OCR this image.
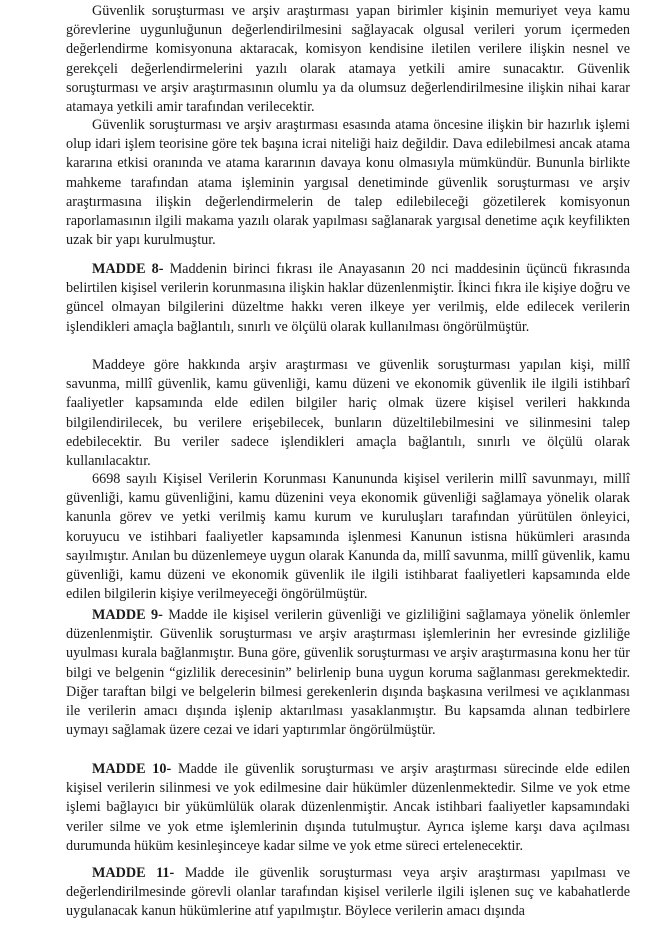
Güvenlik soruşturması ve arşiv araştırması yapan birimler kişinin memuriyet veya kamu görevlerine uygunluğunun değerlendirilmesini sağlayacak olgusal verileri yorum içermeden değerlendirme komisyonuna aktaracak, komisyon kendisine iletilen verilere ilişkin nesnel ve gerekçeli değerlendirmelerini yazılı olarak atamaya yetkili amire sunacaktır. Güvenlik soruşturması ve arşiv araştırmasının olumlu ya da olumsuz değerlendirilmesine ilişkin nihai karar atamaya yetkili amir tarafından verilecektir.

Güvenlik soruşturması ve arşiv araştırması esasında atama öncesine ilişkin bir hazırlık işlemi olup idari işlem teorisine göre tek başına icrai niteliği haiz değildir. Dava edilebilmesi ancak atama kararına etkisi oranında ve atama kararının davaya konu olmasıyla mümkündür. Bununla birlikte mahkeme tarafından atama işleminin yargısal denetiminde güvenlik soruşturması ve arşiv araştırmasına ilişkin değerlendirmelerin de talep edilebileceği gözetilerek komisyonun raporlamasının ilgili makama yazılı olarak yapılması sağlanarak yargısal denetime açık keyfilikten uzak bir yapı kurulmuştur.

MADDE 8- Maddenin birinci fıkrası ile Anayasanın 20 nci maddesinin üçüncü fıkrasında belirtilen kişisel verilerin korunmasına ilişkin haklar düzenlenmiştir. İkinci fıkra ile kişiye doğru ve güncel olmayan bilgilerini düzeltme hakkı veren ilkeye yer verilmiş, elde edilecek verilerin işlendikleri amaçla bağlantılı, sınırlı ve ölçülü olarak kullanılması öngörülmüştür.

Maddeye göre hakkında arşiv araştırması ve güvenlik soruşturması yapılan kişi, millî savunma, millî güvenlik, kamu güvenliği, kamu düzeni ve ekonomik güvenlik ile ilgili istihbarî faaliyetler kapsamında elde edilen bilgiler hariç olmak üzere kişisel verileri hakkında bilgilendirilecek, bu verilere erişebilecek, bunların düzeltilebilmesini ve silinmesini talep edebilecektir. Bu veriler sadece işlendikleri amaçla bağlantılı, sınırlı ve ölçülü olarak kullanılacaktır.

6698 sayılı Kişisel Verilerin Korunması Kanununda kişisel verilerin millî savunmayı, millî güvenliği, kamu güvenliğini, kamu düzenini veya ekonomik güvenliği sağlamaya yönelik olarak kanunla görev ve yetki verilmiş kamu kurum ve kuruluşları tarafından yürütülen önleyici, koruyucu ve istihbari faaliyetler kapsamında işlenmesi Kanunun istisna hükümleri arasında sayılmıştır. Anılan bu düzenlemeye uygun olarak Kanunda da, millî savunma, millî güvenlik, kamu güvenliği, kamu düzeni ve ekonomik güvenlik ile ilgili istihbarat faaliyetleri kapsamında elde edilen bilgilerin kişiye verilmeyeceği öngörülmüştür.

MADDE 9- Madde ile kişisel verilerin güvenliği ve gizliliğini sağlamaya yönelik önlemler düzenlenmiştir. Güvenlik soruşturması ve arşiv araştırması işlemlerinin her evresinde gizliliğe uyulması kurala bağlanmıştır. Buna göre, güvenlik soruşturması ve arşiv araştırmasına konu her tür bilgi ve belgenin “gizlilik derecesinin” belirlenip buna uygun koruma sağlanması gerekmektedir. Diğer taraftan bilgi ve belgelerin bilmesi gerekenlerin dışında başkasına verilmesi ve açıklanması ile verilerin amacı dışında işlenip aktarılması yasaklanmıştır. Bu kapsamda alınan tedbirlere uymayı sağlamak üzere cezai ve idari yaptırımlar öngörülmüştür.

MADDE 10- Madde ile güvenlik soruşturması ve arşiv araştırması sürecinde elde edilen kişisel verilerin silinmesi ve yok edilmesine dair hükümler düzenlenmektedir. Silme ve yok etme işlemi bağlayıcı bir yükümlülük olarak düzenlenmiştir. Ancak istihbari faaliyetler kapsamındaki veriler silme ve yok etme işlemlerinin dışında tutulmuştur. Ayrıca işleme karşı dava açılması durumunda hüküm kesinleşinceye kadar silme ve yok etme süreci ertelenecektir.

MADDE 11- Madde ile güvenlik soruşturması veya arşiv araştırması yapılması ve değerlendirilmesinde görevli olanlar tarafından kişisel verilerle ilgili işlenen suç ve kabahatlerde uygulanacak kanun hükümlerine atıf yapılmıştır. Böylece verilerin amacı dışında
